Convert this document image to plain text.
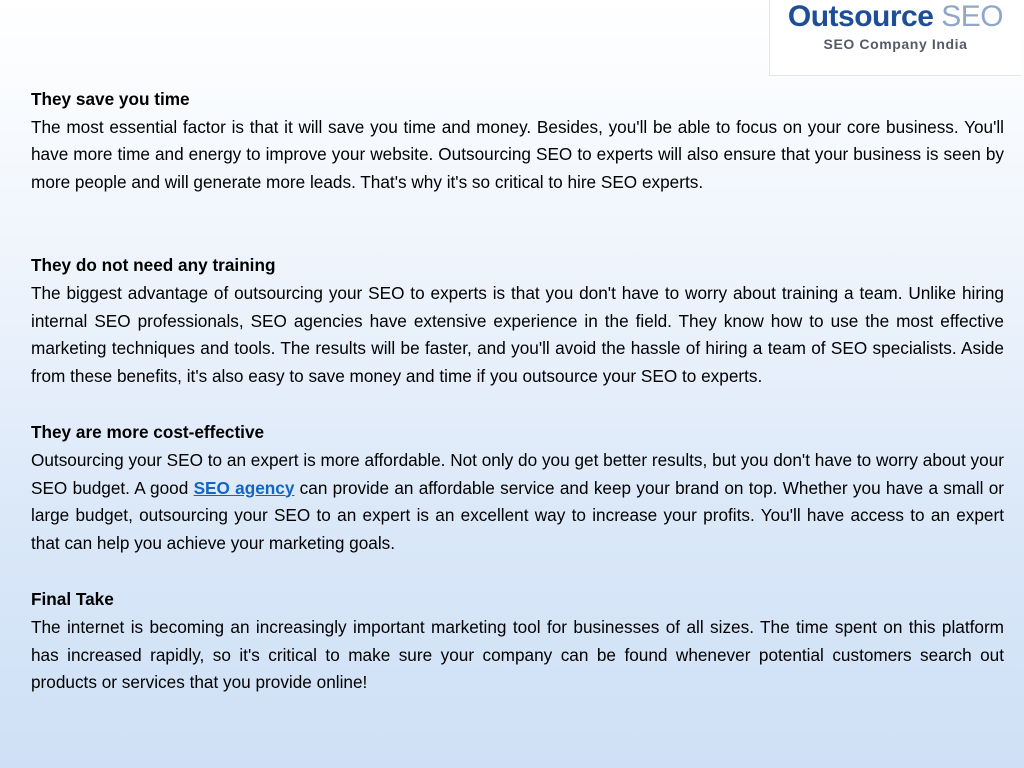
Outsource SEO
SEO Company India
They save you time

The most essential factor is that it will save you time and money. Besides, you'll be able to focus on your core business. You'll have more time and energy to improve your website. Outsourcing SEO to experts will also ensure that your business is seen by more people and will generate more leads. That's why it's so critical to hire SEO experts.

They do not need any training

The biggest advantage of outsourcing your SEO to experts is that you don't have to worry about training a team. Unlike hiring internal SEO professionals, SEO agencies have extensive experience in the field. They know how to use the most effective marketing techniques and tools. The results will be faster, and you'll avoid the hassle of hiring a team of SEO specialists. Aside from these benefits, it's also easy to save money and time if you outsource your SEO to experts.

They are more cost-effective

Outsourcing your SEO to an expert is more affordable. Not only do you get better results, but you don't have to worry about your SEO budget. A good SEO agency can provide an affordable service and keep your brand on top. Whether you have a small or large budget, outsourcing your SEO to an expert is an excellent way to increase your profits. You'll have access to an expert that can help you achieve your marketing goals.

Final Take

The internet is becoming an increasingly important marketing tool for businesses of all sizes. The time spent on this platform has increased rapidly, so it's critical to make sure your company can be found whenever potential customers search out products or services that you provide online!
